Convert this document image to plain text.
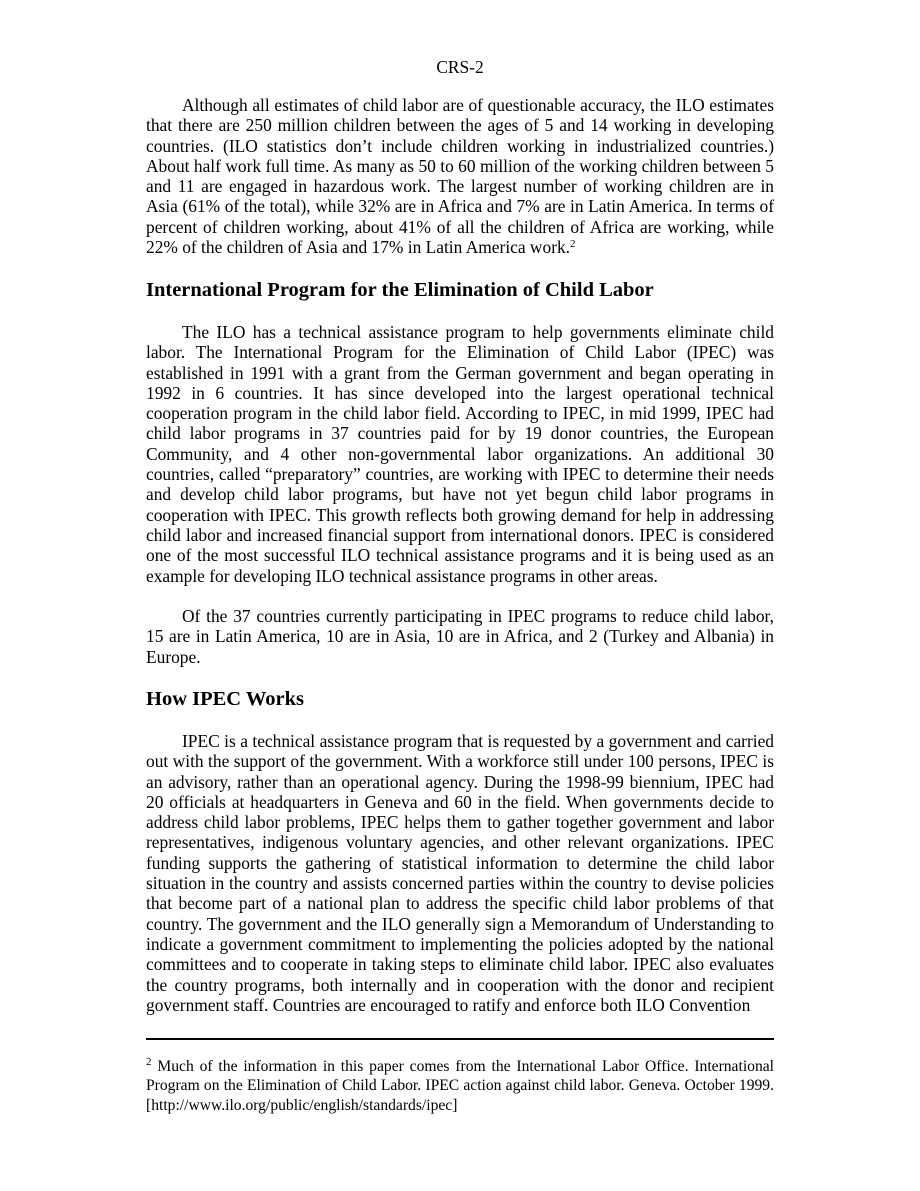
CRS-2

Although all estimates of child labor are of questionable accuracy, the ILO estimates that there are 250 million children between the ages of 5 and 14 working in developing countries. (ILO statistics don’t include children working in industrialized countries.) About half work full time. As many as 50 to 60 million of the working children between 5 and 11 are engaged in hazardous work. The largest number of working children are in Asia (61% of the total), while 32% are in Africa and 7% are in Latin America. In terms of percent of children working, about 41% of all the children of Africa are working, while 22% of the children of Asia and 17% in Latin America work.$^2$

International Program for the Elimination of Child Labor

The ILO has a technical assistance program to help governments eliminate child labor. The International Program for the Elimination of Child Labor (IPEC) was established in 1991 with a grant from the German government and began operating in 1992 in 6 countries. It has since developed into the largest operational technical cooperation program in the child labor field. According to IPEC, in mid 1999, IPEC had child labor programs in 37 countries paid for by 19 donor countries, the European Community, and 4 other non-governmental labor organizations. An additional 30 countries, called “preparatory” countries, are working with IPEC to determine their needs and develop child labor programs, but have not yet begun child labor programs in cooperation with IPEC. This growth reflects both growing demand for help in addressing child labor and increased financial support from international donors. IPEC is considered one of the most successful ILO technical assistance programs and it is being used as an example for developing ILO technical assistance programs in other areas.

Of the 37 countries currently participating in IPEC programs to reduce child labor, 15 are in Latin America, 10 are in Asia, 10 are in Africa, and 2 (Turkey and Albania) in Europe.

How IPEC Works

IPEC is a technical assistance program that is requested by a government and carried out with the support of the government. With a workforce still under 100 persons, IPEC is an advisory, rather than an operational agency. During the 1998-99 biennium, IPEC had 20 officials at headquarters in Geneva and 60 in the field. When governments decide to address child labor problems, IPEC helps them to gather together government and labor representatives, indigenous voluntary agencies, and other relevant organizations. IPEC funding supports the gathering of statistical information to determine the child labor situation in the country and assists concerned parties within the country to devise policies that become part of a national plan to address the specific child labor problems of that country. The government and the ILO generally sign a Memorandum of Understanding to indicate a government commitment to implementing the policies adopted by the national committees and to cooperate in taking steps to eliminate child labor. IPEC also evaluates the country programs, both internally and in cooperation with the donor and recipient government staff. Countries are encouraged to ratify and enforce both ILO Convention

$^2$ Much of the information in this paper comes from the International Labor Office. International Program on the Elimination of Child Labor. IPEC action against child labor. Geneva. October 1999. [http://www.ilo.org/public/english/standards/ipec]
